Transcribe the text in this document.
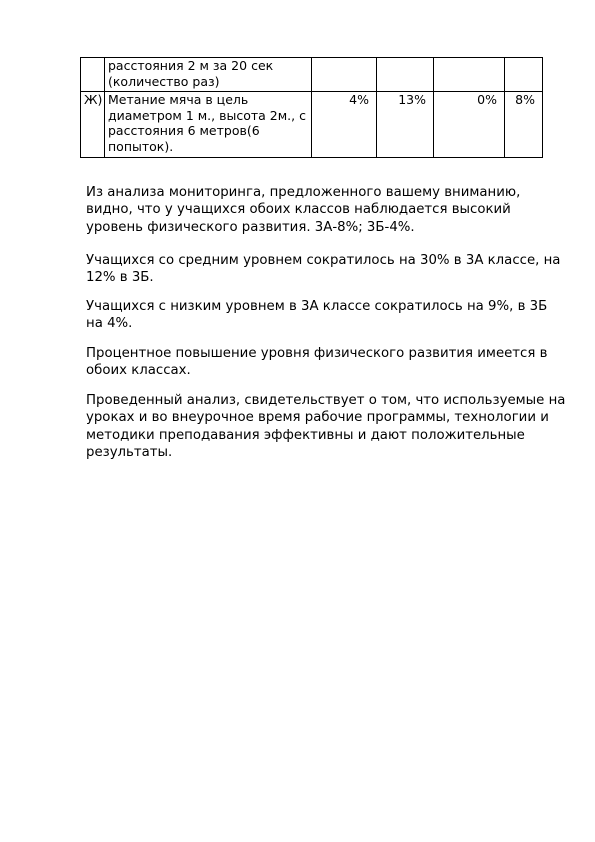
	расстояния 2 м за 20 сек (количество раз)				
Ж)	Метание мяча в цель диаметром 1 м., высота 2м., с расстояния 6 метров(6 попыток).	4%	13%	0%	8%

Из анализа мониторинга, предложенного вашему вниманию, видно, что у учащихся обоих классов наблюдается высокий уровень физического развития. 3А-8%; 3Б-4%.

Учащихся со средним уровнем сократилось на 30% в 3А классе, на 12% в 3Б.

Учащихся с низким уровнем в 3А классе сократилось на 9%, в 3Б на 4%.

Процентное повышение уровня физического развития имеется в обоих классах.

Проведенный анализ, свидетельствует о том, что используемые на уроках и во внеурочное время рабочие программы, технологии и методики преподавания эффективны и дают положительные результаты.
